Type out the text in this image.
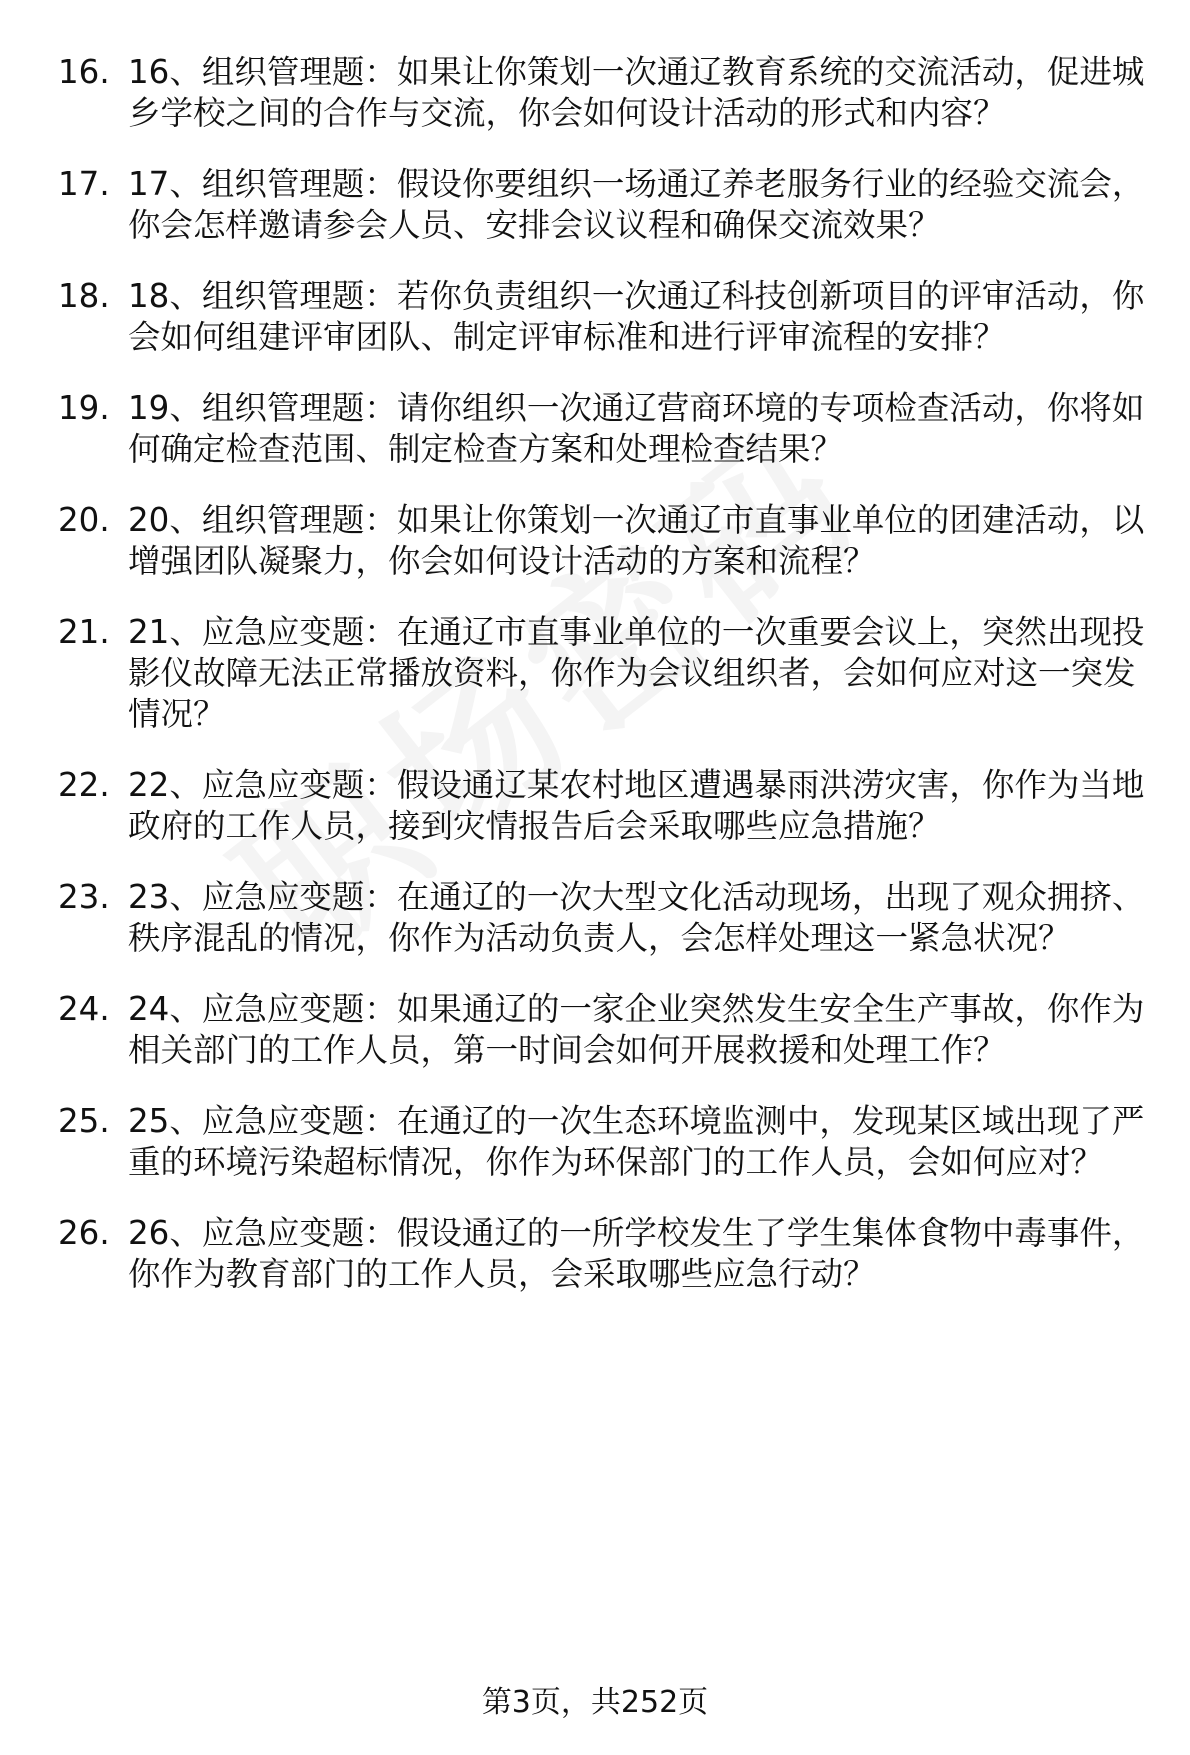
16. 16、组织管理题：如果让你策划一次通辽教育系统的交流活动，促进城乡学校之间的合作与交流，你会如何设计活动的形式和内容？
17. 17、组织管理题：假设你要组织一场通辽养老服务行业的经验交流会，你会怎样邀请参会人员、安排会议议程和确保交流效果？
18. 18、组织管理题：若你负责组织一次通辽科技创新项目的评审活动，你会如何组建评审团队、制定评审标准和进行评审流程的安排？
19. 19、组织管理题：请你组织一次通辽营商环境的专项检查活动，你将如何确定检查范围、制定检查方案和处理检查结果？
20. 20、组织管理题：如果让你策划一次通辽市直事业单位的团建活动，以增强团队凝聚力，你会如何设计活动的方案和流程？
21. 21、应急应变题：在通辽市直事业单位的一次重要会议上，突然出现投影仪故障无法正常播放资料，你作为会议组织者，会如何应对这一突发情况？
22. 22、应急应变题：假设通辽某农村地区遭遇暴雨洪涝灾害，你作为当地政府的工作人员，接到灾情报告后会采取哪些应急措施？
23. 23、应急应变题：在通辽的一次大型文化活动现场，出现了观众拥挤、秩序混乱的情况，你作为活动负责人，会怎样处理这一紧急状况？
24. 24、应急应变题：如果通辽的一家企业突然发生安全生产事故，你作为相关部门的工作人员，第一时间会如何开展救援和处理工作？
25. 25、应急应变题：在通辽的一次生态环境监测中，发现某区域出现了严重的环境污染超标情况，你作为环保部门的工作人员，会如何应对？
26. 26、应急应变题：假设通辽的一所学校发生了学生集体食物中毒事件，你作为教育部门的工作人员，会采取哪些应急行动？
第3页，共252页
